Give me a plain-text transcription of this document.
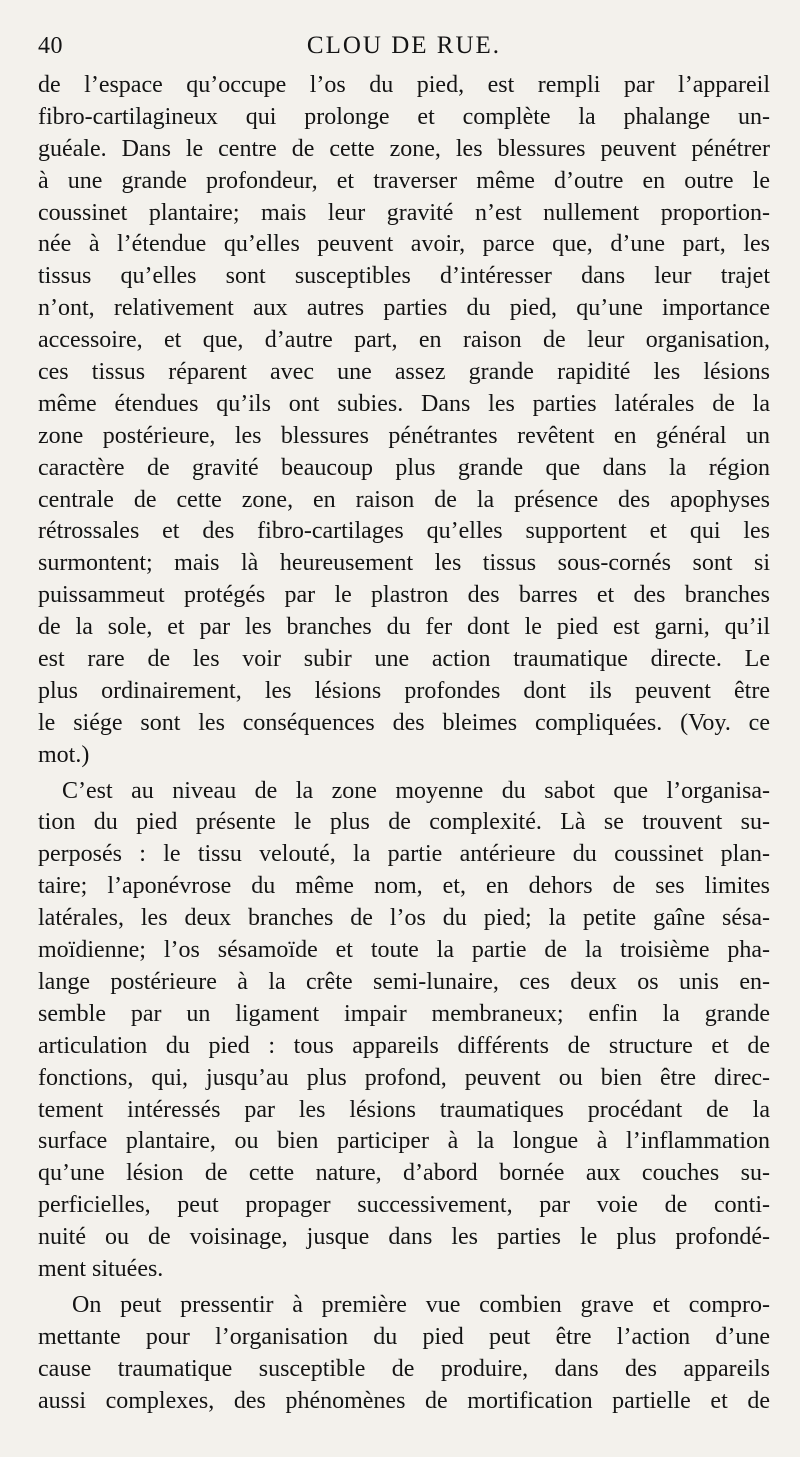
40	CLOU DE RUE.
de l’espace qu’occupe l’os du pied, est rempli par l’appareil
fibro-cartilagineux qui prolonge et complète la phalange un-
guéale. Dans le centre de cette zone, les blessures peuvent pénétrer
à une grande profondeur, et traverser même d’outre en outre le
coussinet plantaire; mais leur gravité n’est nullement proportion-
née à l’étendue qu’elles peuvent avoir, parce que, d’une part, les
tissus qu’elles sont susceptibles d’intéresser dans leur trajet
n’ont, relativement aux autres parties du pied, qu’une importance
accessoire, et que, d’autre part, en raison de leur organisation,
ces tissus réparent avec une assez grande rapidité les lésions
même étendues qu’ils ont subies. Dans les parties latérales de la
zone postérieure, les blessures pénétrantes revêtent en général un
caractère de gravité beaucoup plus grande que dans la région
centrale de cette zone, en raison de la présence des apophyses
rétrossales et des fibro-cartilages qu’elles supportent et qui les
surmontent; mais là heureusement les tissus sous-cornés sont si
puissammeut protégés par le plastron des barres et des branches
de la sole, et par les branches du fer dont le pied est garni, qu’il
est rare de les voir subir une action traumatique directe. Le
plus ordinairement, les lésions profondes dont ils peuvent être
le siége sont les conséquences des bleimes compliquées. (Voy. ce
mot.)
C’est au niveau de la zone moyenne du sabot que l’organisa-
tion du pied présente le plus de complexité. Là se trouvent su-
perposés : le tissu velouté, la partie antérieure du coussinet plan-
taire; l’aponévrose du même nom, et, en dehors de ses limites
latérales, les deux branches de l’os du pied; la petite gaîne sésa-
moïdienne; l’os sésamoïde et toute la partie de la troisième pha-
lange postérieure à la crête semi-lunaire, ces deux os unis en-
semble par un ligament impair membraneux; enfin la grande
articulation du pied : tous appareils différents de structure et de
fonctions, qui, jusqu’au plus profond, peuvent ou bien être direc-
tement intéressés par les lésions traumatiques procédant de la
surface plantaire, ou bien participer à la longue à l’inflammation
qu’une lésion de cette nature, d’abord bornée aux couches su-
perficielles, peut propager successivement, par voie de conti-
nuité ou de voisinage, jusque dans les parties le plus profondé-
ment situées.
On peut pressentir à première vue combien grave et compro-
mettante pour l’organisation du pied peut être l’action d’une
cause traumatique susceptible de produire, dans des appareils
aussi complexes, des phénomènes de mortification partielle et de
